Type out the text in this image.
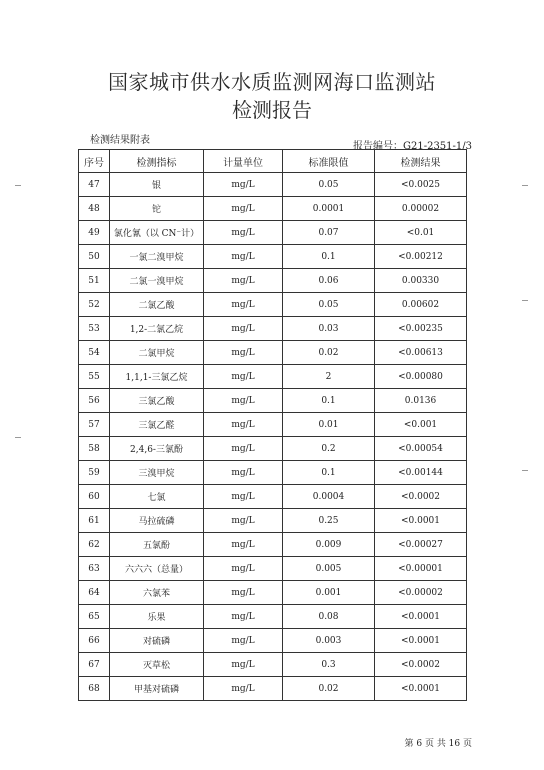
国家城市供水水质监测网海口监测站
检测报告
检测结果附表
报告编号：G21-2351-1/3
序号	检测指标	计量单位	标准限值	检测结果
47	银	mg/L	0.05	<0.0025
48	铊	mg/L	0.0001	0.00002
49	氯化氰（以 CN⁻计）	mg/L	0.07	<0.01
50	一氯二溴甲烷	mg/L	0.1	<0.00212
51	二氯一溴甲烷	mg/L	0.06	0.00330
52	二氯乙酸	mg/L	0.05	0.00602
53	1,2-二氯乙烷	mg/L	0.03	<0.00235
54	二氯甲烷	mg/L	0.02	<0.00613
55	1,1,1-三氯乙烷	mg/L	2	<0.00080
56	三氯乙酸	mg/L	0.1	0.0136
57	三氯乙醛	mg/L	0.01	<0.001
58	2,4,6-三氯酚	mg/L	0.2	<0.00054
59	三溴甲烷	mg/L	0.1	<0.00144
60	七氯	mg/L	0.0004	<0.0002
61	马拉硫磷	mg/L	0.25	<0.0001
62	五氯酚	mg/L	0.009	<0.00027
63	六六六（总量）	mg/L	0.005	<0.00001
64	六氯苯	mg/L	0.001	<0.00002
65	乐果	mg/L	0.08	<0.0001
66	对硫磷	mg/L	0.003	<0.0001
67	灭草松	mg/L	0.3	<0.0002
68	甲基对硫磷	mg/L	0.02	<0.0001
第 6 页 共 16 页
